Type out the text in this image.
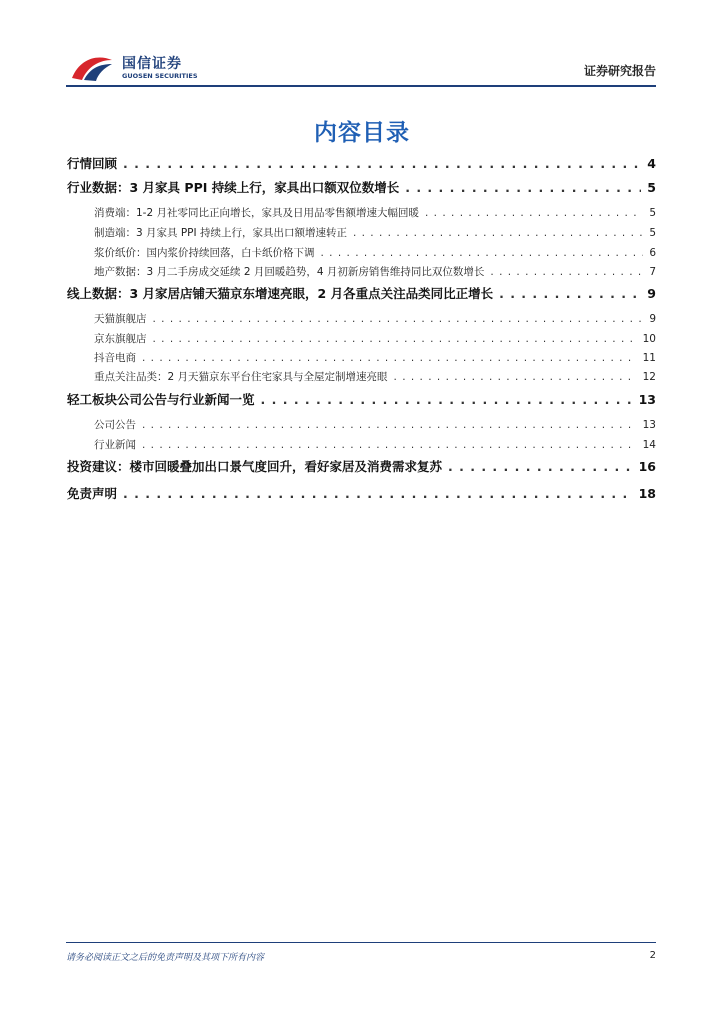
国信证券
GUOSEN SECURITIES	证券研究报告
内容目录
行情回顾 . . .	4
行业数据：3 月家具 PPI 持续上行，家具出口额双位数增长 . . .	5
消费端：1-2 月社零同比正向增长，家具及日用品零售额增速大幅回暖 . . .	5
制造端：3 月家具 PPI 持续上行，家具出口额增速转正 . . .	5
浆价纸价：国内浆价持续回落，白卡纸价格下调 . . .	6
地产数据：3 月二手房成交延续 2 月回暖趋势，4 月初新房销售维持同比双位数增长 . . .	7
线上数据：3 月家居店铺天猫京东增速亮眼，2 月各重点关注品类同比正增长 . . .	9
天猫旗舰店 . . .	9
京东旗舰店 . . .	10
抖音电商 . . .	11
重点关注品类：2 月天猫京东平台住宅家具与全屋定制增速亮眼 . . .	12
轻工板块公司公告与行业新闻一览 . . .	13
公司公告 . . .	13
行业新闻 . . .	14
投资建议：楼市回暖叠加出口景气度回升，看好家居及消费需求复苏 . . .	16
免责声明 . . .	18
请务必阅读正文之后的免责声明及其项下所有内容	2
